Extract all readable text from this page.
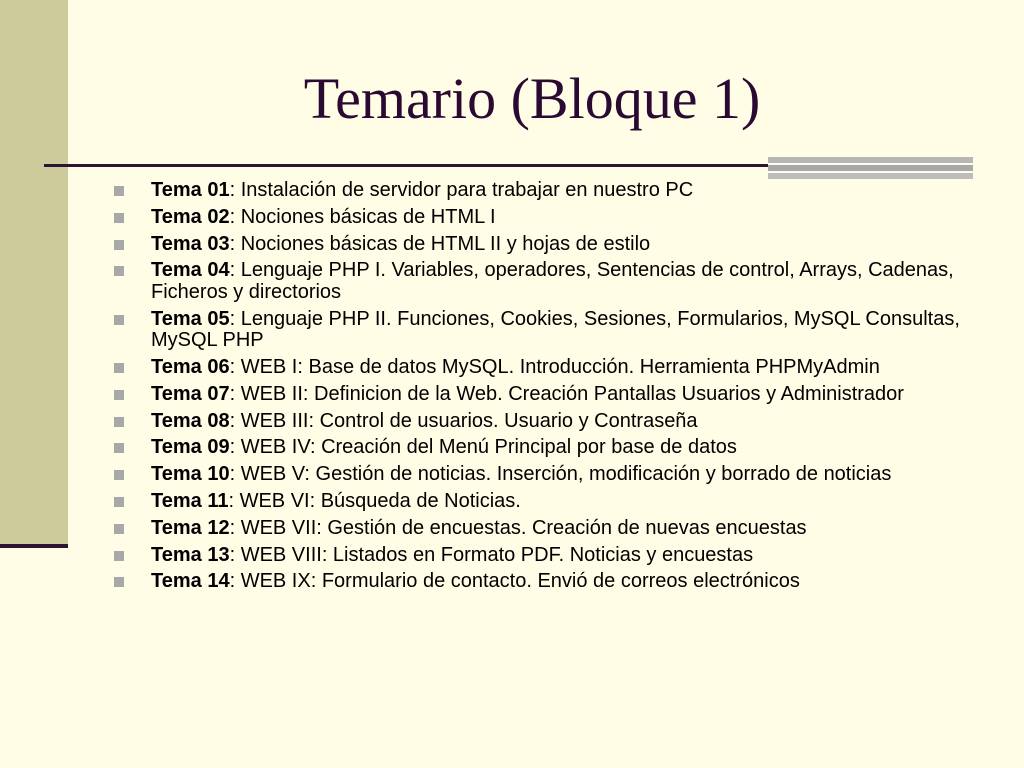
Temario (Bloque 1)
Tema 01: Instalación de servidor para trabajar en nuestro PC
Tema 02: Nociones básicas de HTML I
Tema 03: Nociones básicas de HTML II y hojas de estilo
Tema 04: Lenguaje PHP I. Variables, operadores, Sentencias de control, Arrays, Cadenas, Ficheros y directorios
Tema 05: Lenguaje PHP II. Funciones, Cookies, Sesiones, Formularios, MySQL Consultas, MySQL PHP
Tema 06: WEB I: Base de datos MySQL. Introducción. Herramienta PHPMyAdmin
Tema 07: WEB II: Definicion de la Web. Creación Pantallas Usuarios y Administrador
Tema 08: WEB III: Control de usuarios. Usuario y Contraseña
Tema 09: WEB IV: Creación del Menú Principal por base de datos
Tema 10: WEB V: Gestión de noticias. Inserción, modificación y borrado de noticias
Tema 11: WEB VI: Búsqueda de Noticias.
Tema 12: WEB VII: Gestión de encuestas. Creación de nuevas encuestas
Tema 13: WEB VIII: Listados en Formato PDF. Noticias y encuestas
Tema 14: WEB IX: Formulario de contacto. Envió de correos electrónicos
